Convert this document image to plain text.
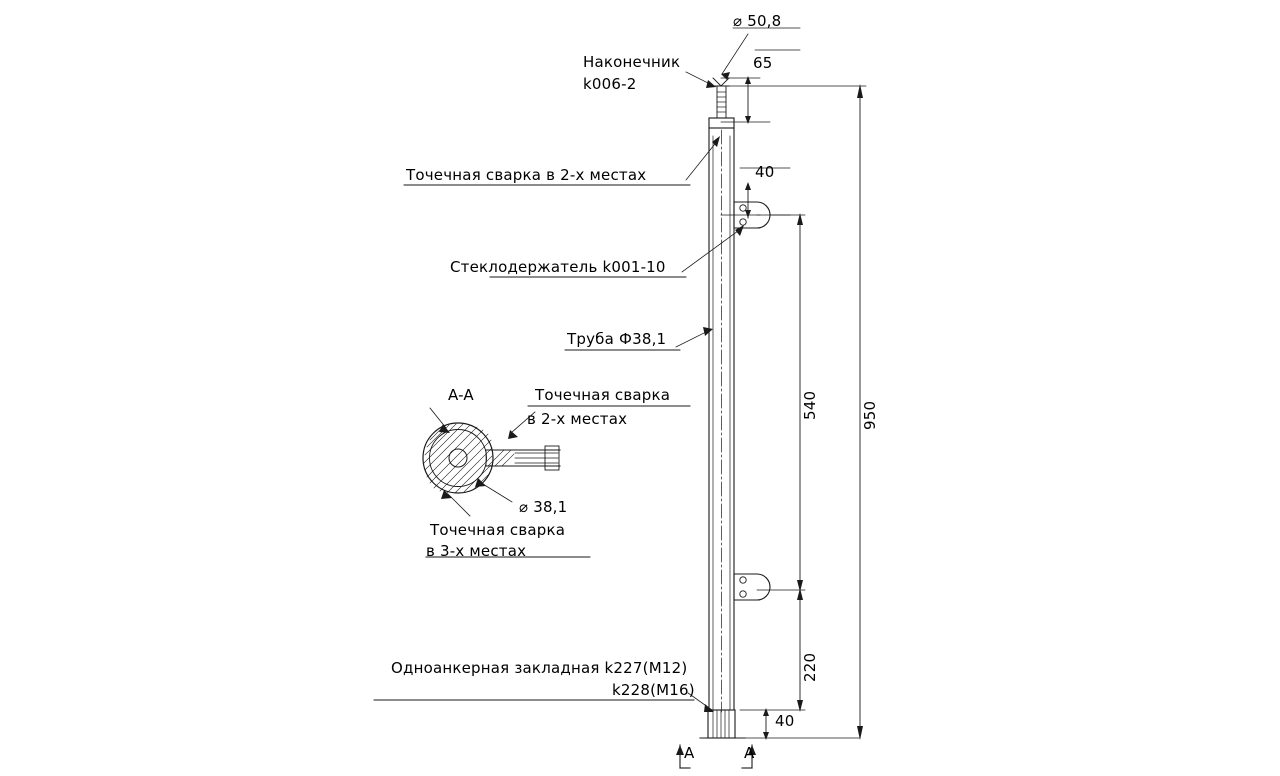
⌀ 50,8
65
Наконечник
k006-2
Точечная сварка в 2-х местах	40
Стеклодержатель k001-10
Труба Ф38,1
A-A	Точечная сварка
в 2-х местах
⌀ 38,1
Точечная сварка
в 3-х местах
540	950
220
40
Одноанкерная закладная k227(M12)
k228(M16)
A	A
